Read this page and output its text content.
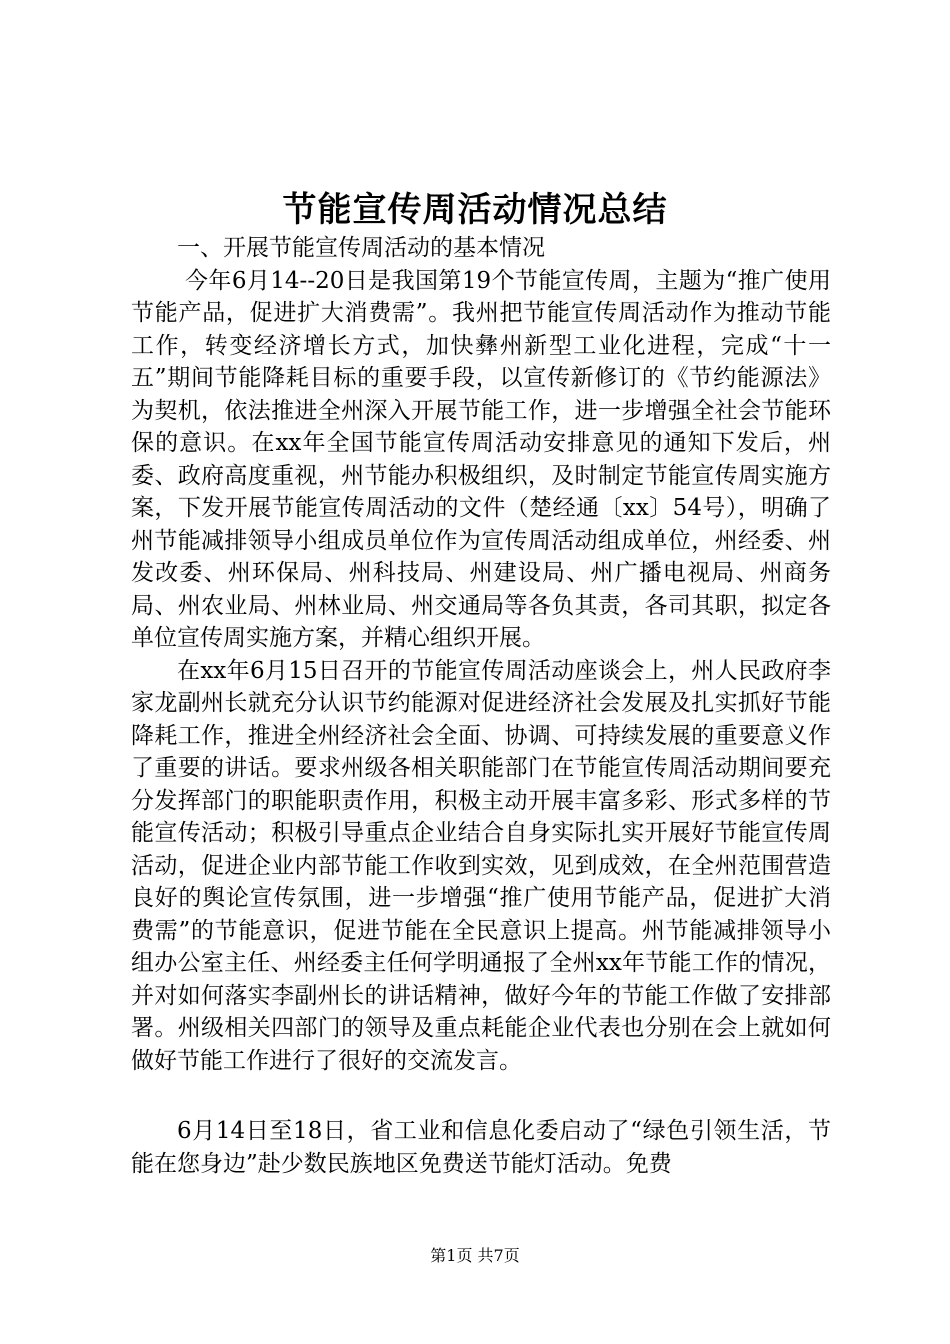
节能宣传周活动情况总结

一、开展节能宣传周活动的基本情况

今年6月14--20日是我国第19个节能宣传周，主题为“推广使用节能产品，促进扩大消费需”。我州把节能宣传周活动作为推动节能工作，转变经济增长方式，加快彝州新型工业化进程，完成“十一五”期间节能降耗目标的重要手段，以宣传新修订的《节约能源法》为契机，依法推进全州深入开展节能工作，进一步增强全社会节能环保的意识。在xx年全国节能宣传周活动安排意见的通知下发后，州委、政府高度重视，州节能办积极组织，及时制定节能宣传周实施方案，下发开展节能宣传周活动的文件（楚经通〔xx〕54号），明确了州节能减排领导小组成员单位作为宣传周活动组成单位，州经委、州发改委、州环保局、州科技局、州建设局、州广播电视局、州商务局、州农业局、州林业局、州交通局等各负其责，各司其职，拟定各单位宣传周实施方案，并精心组织开展。

在xx年6月15日召开的节能宣传周活动座谈会上，州人民政府李家龙副州长就充分认识节约能源对促进经济社会发展及扎实抓好节能降耗工作，推进全州经济社会全面、协调、可持续发展的重要意义作了重要的讲话。要求州级各相关职能部门在节能宣传周活动期间要充分发挥部门的职能职责作用，积极主动开展丰富多彩、形式多样的节能宣传活动；积极引导重点企业结合自身实际扎实开展好节能宣传周活动，促进企业内部节能工作收到实效，见到成效，在全州范围营造良好的舆论宣传氛围，进一步增强“推广使用节能产品，促进扩大消费需”的节能意识，促进节能在全民意识上提高。州节能减排领导小组办公室主任、州经委主任何学明通报了全州xx年节能工作的情况，并对如何落实李副州长的讲话精神，做好今年的节能工作做了安排部署。州级相关四部门的领导及重点耗能企业代表也分别在会上就如何做好节能工作进行了很好的交流发言。

6月14日至18日，省工业和信息化委启动了“绿色引领生活，节能在您身边”赴少数民族地区免费送节能灯活动。免费

第1页 共7页
